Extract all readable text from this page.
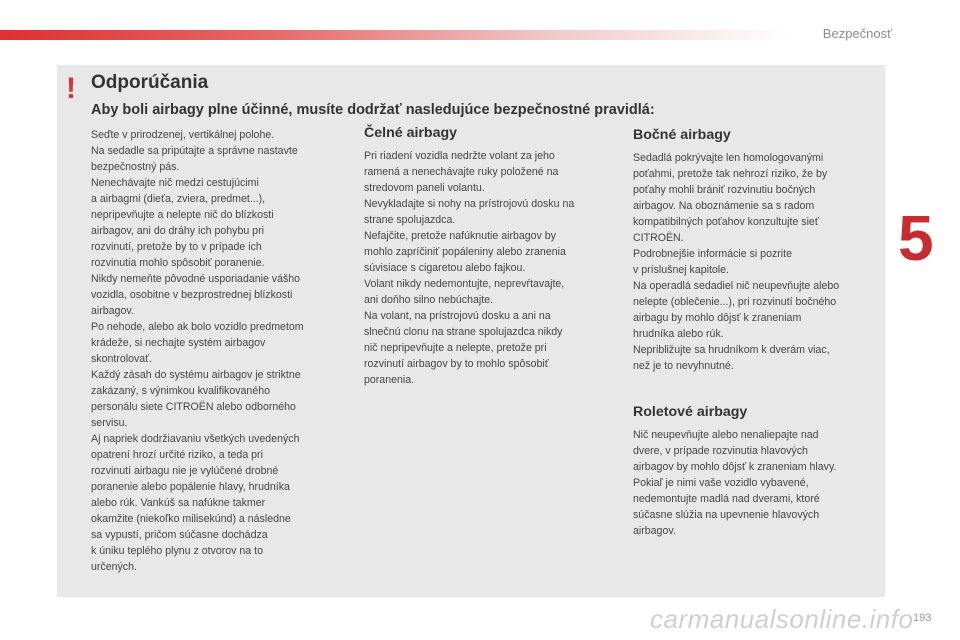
Bezpečnosť
5
! Odporúčania
Aby boli airbagy plne účinné, musíte dodržať nasledujúce bezpečnostné pravidlá:

Seďte v prirodzenej, vertikálnej polohe.

Na sedadle sa pripútajte a správne nastavte

bezpečnostný pás.

Nenechávajte nič medzi cestujúcimi

a airbagmi (dieťa, zviera, predmet...),

nepripevňujte a nelepte nič do blízkosti

airbagov, ani do dráhy ich pohybu pri

rozvinutí, pretože by to v prípade ich

rozvinutia mohlo spôsobiť poranenie.

Nikdy nemeňte pôvodné usporiadanie vášho

vozidla, osobitne v bezprostrednej blízkosti

airbagov.

Po nehode, alebo ak bolo vozidlo predmetom

krádeže, si nechajte systém airbagov

skontrolovať.

Každý zásah do systému airbagov je striktne

zakázaný, s výnimkou kvalifikovaného

personálu siete CITROËN alebo odborného

servisu.

Aj napriek dodržiavaniu všetkých uvedených

opatrení hrozí určité riziko, a teda pri

rozvinutí airbagu nie je vylúčené drobné

poranenie alebo popálenie hlavy, hrudníka

alebo rúk. Vankúš sa nafúkne takmer

okamžite (niekoľko milisekúnd) a následne

sa vypustí, pričom súčasne dochádza

k úniku teplého plynu z otvorov na to

určených.

Čelné airbagy

Pri riadení vozidla nedržte volant za jeho

ramená a nenechávajte ruky položené na

stredovom paneli volantu.

Nevykladajte si nohy na prístrojovú dosku na

strane spolujazdca.

Nefajčite, pretože nafúknutie airbagov by

mohlo zapríčiniť popáleniny alebo zranenia

súvisiace s cigaretou alebo fajkou.

Volant nikdy nedemontujte, neprevŕtavajte,

ani doňho silno nebúchajte.

Na volant, na prístrojovú dosku a ani na

slnečnú clonu na strane spolujazdca nikdy

nič nepripevňujte a nelepte, pretože pri

rozvinutí airbagov by to mohlo spôsobiť

poranenia.

Bočné airbagy

Sedadlá pokrývajte len homologovanými

poťahmi, pretože tak nehrozí riziko, že by

poťahy mohli brániť rozvinutiu bočných

airbagov. Na oboznámenie sa s radom

kompatibilných poťahov konzultujte sieť

CITROËN.

Podrobnejšie informácie si pozrite

v príslušnej kapitole.

Na operadlá sedadiel nič neupevňujte alebo

nelepte (oblečenie...), pri rozvinutí bočného

airbagu by mohlo dôjsť k zraneniam

hrudníka alebo rúk.

Nepribližujte sa hrudníkom k dverám viac,

než je to nevyhnutné.

Roletové airbagy

Nič neupevňujte alebo nenaliepajte nad

dvere, v prípade rozvinutia hlavových

airbagov by mohlo dôjsť k zraneniam hlavy.

Pokiaľ je nimi vaše vozidlo vybavené,

nedemontujte madlá nad dverami, ktoré

súčasne slúžia na upevnenie hlavových

airbagov.

carmanualsonline.info 193
